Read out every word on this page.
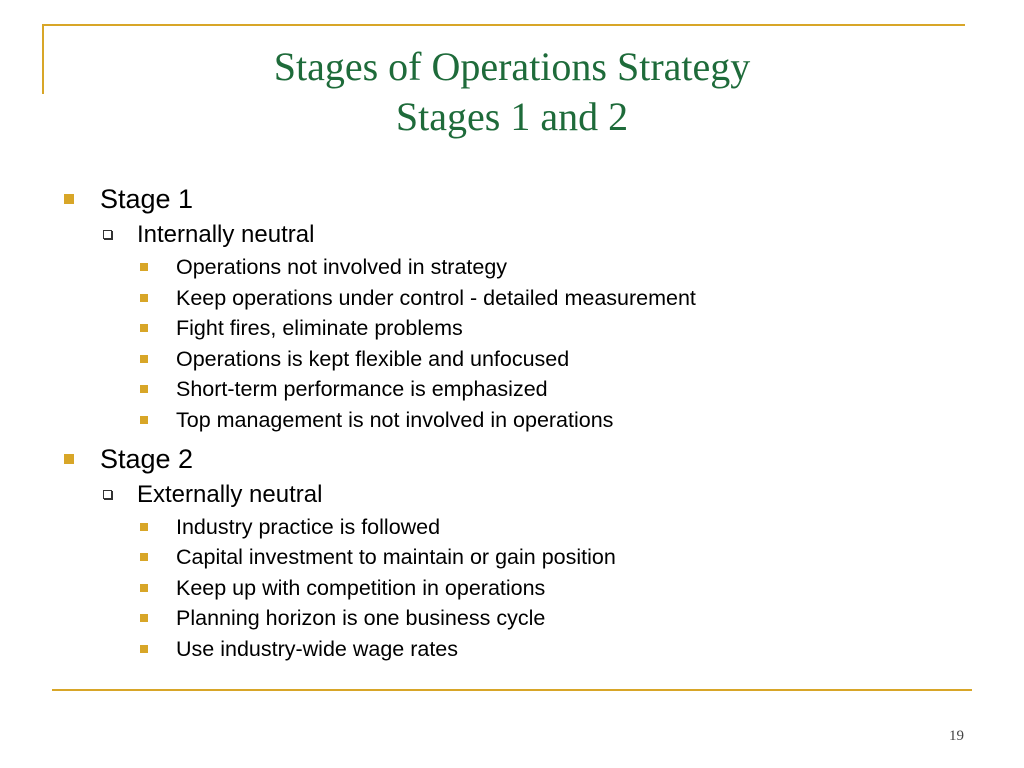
Stages of Operations Strategy
Stages 1 and 2
Stage 1
Internally neutral
Operations not involved in strategy
Keep operations under control - detailed measurement
Fight fires, eliminate problems
Operations is kept flexible and unfocused
Short-term performance is emphasized
Top management is not involved in operations
Stage 2
Externally neutral
Industry practice is followed
Capital investment to maintain or gain position
Keep up with competition in operations
Planning horizon is one business cycle
Use industry-wide wage rates
19
